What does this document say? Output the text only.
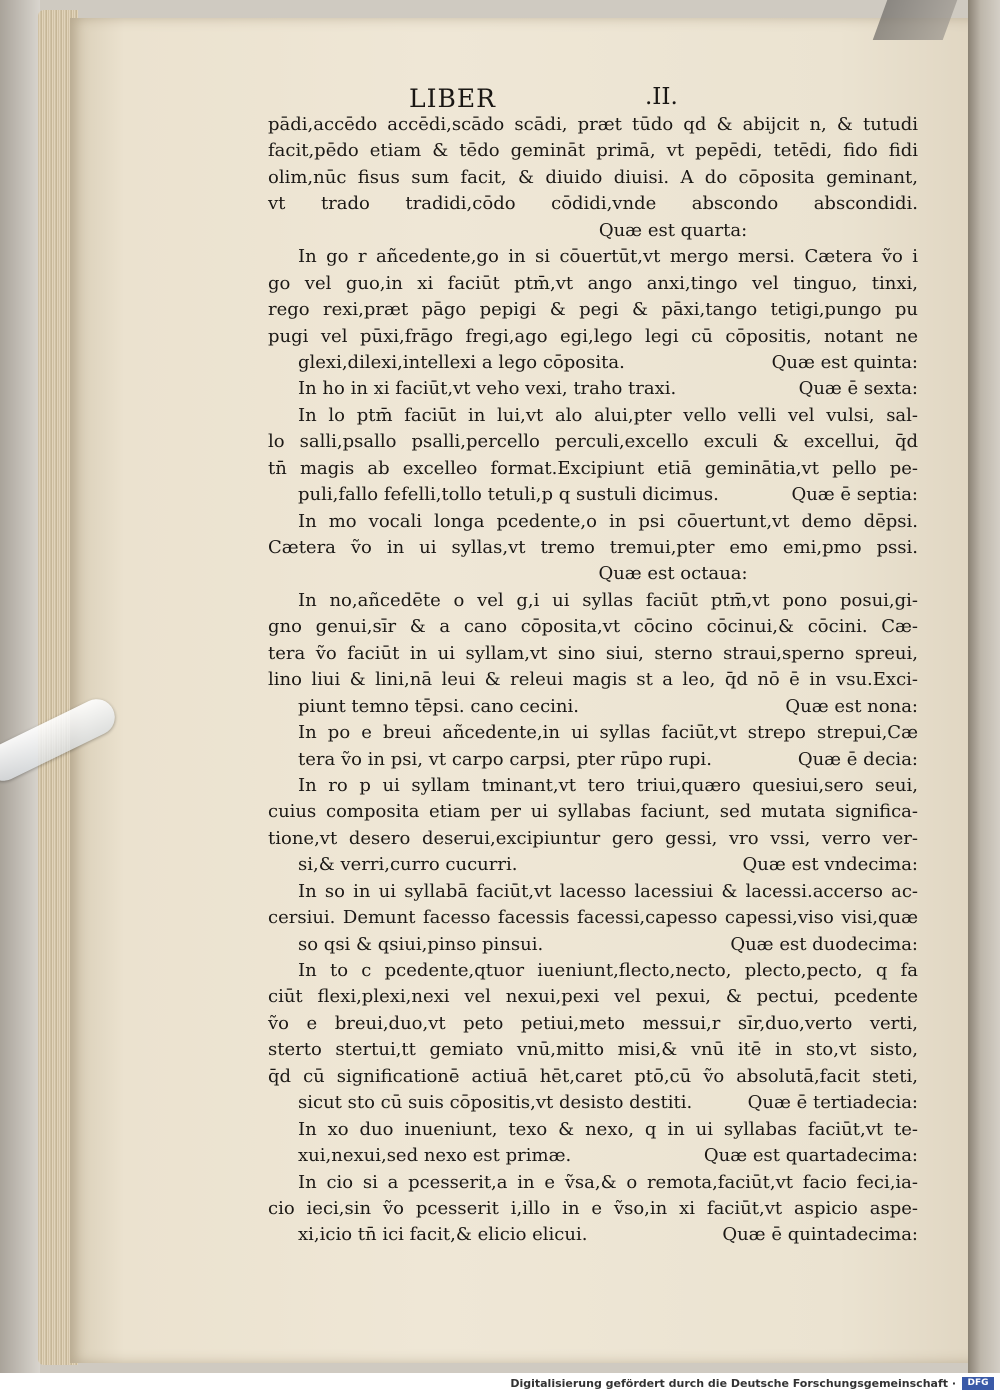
LIBER	.II.
pādi,accēdo accēdi,scādo scādi, præt tūdo qd & abijcit n, & tutudi
facit,pēdo etiam & tēdo gemināt primā, vt pepēdi, tetēdi, fido fidi
olim,nūc fisus sum facit, & diuido diuisi. A do cōposita geminant,
vt trado tradidi,cōdo cōdidi,vnde abscondo abscondidi.
Quæ est quarta:
In go r añcedente,go in si cōuertūt,vt mergo mersi. Cætera ṽo i
go vel guo,in xi faciūt ptm̄,vt ango anxi,tingo vel tinguo, tinxi,
rego rexi,præt pāgo pepigi & pegi & pāxi,tango tetigi,pungo pu
pugi vel pūxi,frāgo fregi,ago egi,lego legi cū cōpositis, notant ne
glexi,dilexi,intellexi a lego cōposita.	Quæ est quinta:
In ho in xi faciūt,vt veho vexi, traho traxi.	Quæ ē sexta:
In lo ptm̄ faciūt in lui,vt alo alui,pter vello velli vel vulsi, sal-
lo salli,psallo psalli,percello perculi,excello exculi & excellui, q̄d
tn̄ magis ab excelleo format.Excipiunt etiā geminātia,vt pello pe-
puli,fallo fefelli,tollo tetuli,p q sustuli dicimus.	Quæ ē septia:
In mo vocali longa pcedente,o in psi cōuertunt,vt demo dēpsi.
Cætera ṽo in ui syllas,vt tremo tremui,pter emo emi,pmo pssi.
Quæ est octaua:
In no,añcedēte o vel g,i ui syllas faciūt ptm̄,vt pono posui,gi-
gno genui,sīr & a cano cōposita,vt cōcino cōcinui,& cōcini. Cæ-
tera ṽo faciūt in ui syllam,vt sino siui, sterno straui,sperno spreui,
lino liui & lini,nā leui & releui magis st a leo, q̄d nō ē in vsu.Exci-
piunt temno tēpsi. cano cecini.	Quæ est nona:
In po e breui añcedente,in ui syllas faciūt,vt strepo strepui,Cæ
tera ṽo in psi, vt carpo carpsi, pter rūpo rupi.	Quæ ē decia:
In ro p ui syllam tminant,vt tero triui,quæro quesiui,sero seui,
cuius composita etiam per ui syllabas faciunt, sed mutata significa-
tione,vt desero deserui,excipiuntur gero gessi, vro vssi, verro ver-
si,& verri,curro cucurri.	Quæ est vndecima:
In so in ui syllabā faciūt,vt lacesso lacessiui & lacessi.accerso ac-
cersiui. Demunt facesso facessis facessi,capesso capessi,viso visi,quæ
so qsi & qsiui,pinso pinsui.	Quæ est duodecima:
In to c pcedente,qtuor iueniunt,flecto,necto, plecto,pecto, q fa
ciūt flexi,plexi,nexi vel nexui,pexi vel pexui, & pectui, pcedente
ṽo e breui,duo,vt peto petiui,meto messui,r sīr,duo,verto verti,
sterto stertui,tt gemiato vnū,mitto misi,& vnū itē in sto,vt sisto,
q̄d cū significationē actiuā hēt,caret ptō,cū ṽo absolutā,facit steti,
sicut sto cū suis cōpositis,vt desisto destiti.	Quæ ē tertiadecia:
In xo duo inueniunt, texo & nexo, q in ui syllabas faciūt,vt te-
xui,nexui,sed nexo est primæ.	Quæ est quartadecima:
In cio si a pcesserit,a in e ṽsa,& o remota,faciūt,vt facio feci,ia-
cio ieci,sin ṽo pcesserit i,illo in e ṽso,in xi faciūt,vt aspicio aspe-
xi,icio tn̄ ici facit,& elicio elicui.	Quæ ē quintadecima:
Digitalisierung gefördert durch die Deutsche Forschungsgemeinschaft ·	DFG
